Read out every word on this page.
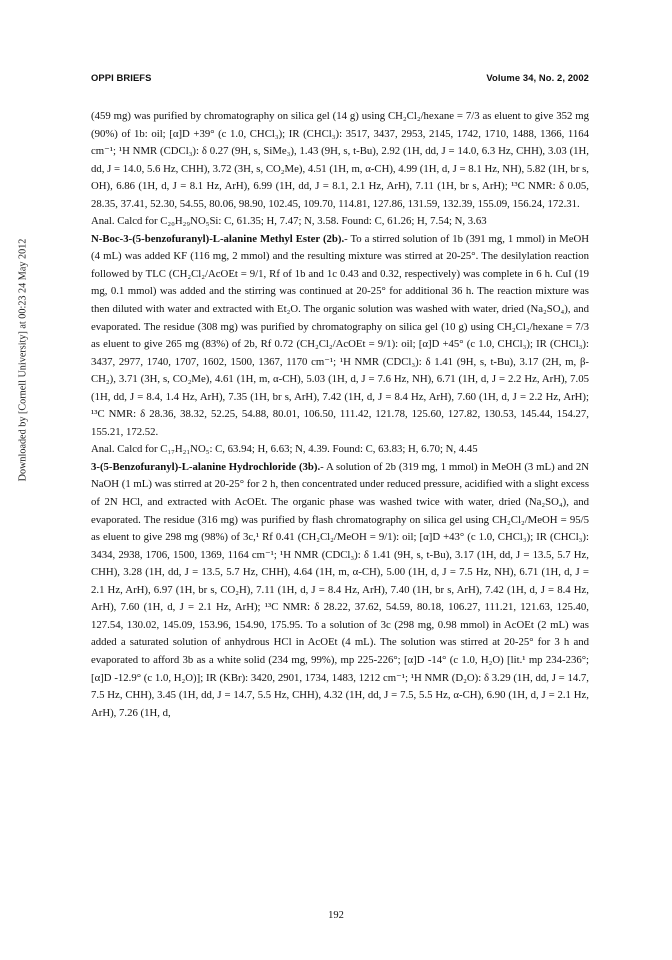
OPPI BRIEFS	Volume 34, No. 2, 2002
Downloaded by [Cornell University] at 00:23 24 May 2012

(459 mg) was purified by chromatography on silica gel (14 g) using CH₂Cl₂/hexane = 7/3 as eluent to give 352 mg (90%) of 1b: oil; [α]D +39° (c 1.0, CHCl₃); IR (CHCl₃): 3517, 3437, 2953, 2145, 1742, 1710, 1488, 1366, 1164 cm⁻¹; ¹H NMR (CDCl₃): δ 0.27 (9H, s, SiMe₃), 1.43 (9H, s, t-Bu), 2.92 (1H, dd, J = 14.0, 6.3 Hz, CHH), 3.03 (1H, dd, J = 14.0, 5.6 Hz, CHH), 3.72 (3H, s, CO₂Me), 4.51 (1H, m, α-CH), 4.99 (1H, d, J = 8.1 Hz, NH), 5.82 (1H, br s, OH), 6.86 (1H, d, J = 8.1 Hz, ArH), 6.99 (1H, dd, J = 8.1, 2.1 Hz, ArH), 7.11 (1H, br s, ArH); ¹³C NMR: δ 0.05, 28.35, 37.41, 52.30, 54.55, 80.06, 98.90, 102.45, 109.70, 114.81, 127.86, 131.59, 132.39, 155.09, 156.24, 172.31.

Anal. Calcd for C₂₀H₂₉NO₅Si: C, 61.35; H, 7.47; N, 3.58. Found: C, 61.26; H, 7.54; N, 3.63

N-Boc-3-(5-benzofuranyl)-L-alanine Methyl Ester (2b).- To a stirred solution of 1b (391 mg, 1 mmol) in MeOH (4 mL) was added KF (116 mg, 2 mmol) and the resulting mixture was stirred at 20-25°. The desilylation reaction followed by TLC (CH₂Cl₂/AcOEt = 9/1, Rf of 1b and 1c 0.43 and 0.32, respectively) was complete in 6 h. CuI (19 mg, 0.1 mmol) was added and the stirring was continued at 20-25° for additional 36 h. The reaction mixture was then diluted with water and extracted with Et₂O. The organic solution was washed with water, dried (Na₂SO₄), and evaporated. The residue (308 mg) was purified by chromatography on silica gel (10 g) using CH₂Cl₂/hexane = 7/3 as eluent to give 265 mg (83%) of 2b, Rf 0.72 (CH₂Cl₂/AcOEt = 9/1): oil; [α]D +45° (c 1.0, CHCl₃); IR (CHCl₃): 3437, 2977, 1740, 1707, 1602, 1500, 1367, 1170 cm⁻¹; ¹H NMR (CDCl₃): δ 1.41 (9H, s, t-Bu), 3.17 (2H, m, β-CH₂), 3.71 (3H, s, CO₂Me), 4.61 (1H, m, α-CH), 5.03 (1H, d, J = 7.6 Hz, NH), 6.71 (1H, d, J = 2.2 Hz, ArH), 7.05 (1H, dd, J = 8.4, 1.4 Hz, ArH), 7.35 (1H, br s, ArH), 7.42 (1H, d, J = 8.4 Hz, ArH), 7.60 (1H, d, J = 2.2 Hz, ArH); ¹³C NMR: δ 28.36, 38.32, 52.25, 54.88, 80.01, 106.50, 111.42, 121.78, 125.60, 127.82, 130.53, 145.44, 154.27, 155.21, 172.52.

Anal. Calcd for C₁₇H₂₁NO₅: C, 63.94; H, 6.63; N, 4.39. Found: C, 63.83; H, 6.70; N, 4.45

3-(5-Benzofuranyl)-L-alanine Hydrochloride (3b).- A solution of 2b (319 mg, 1 mmol) in MeOH (3 mL) and 2N NaOH (1 mL) was stirred at 20-25° for 2 h, then concentrated under reduced pressure, acidified with a slight excess of 2N HCl, and extracted with AcOEt. The organic phase was washed twice with water, dried (Na₂SO₄), and evaporated. The residue (316 mg) was purified by flash chromatography on silica gel using CH₂Cl₂/MeOH = 95/5 as eluent to give 298 mg (98%) of 3c,¹ Rf 0.41 (CH₂Cl₂/MeOH = 9/1): oil; [α]D +43° (c 1.0, CHCl₃); IR (CHCl₃): 3434, 2938, 1706, 1500, 1369, 1164 cm⁻¹; ¹H NMR (CDCl₃): δ 1.41 (9H, s, t-Bu), 3.17 (1H, dd, J = 13.5, 5.7 Hz, CHH), 3.28 (1H, dd, J = 13.5, 5.7 Hz, CHH), 4.64 (1H, m, α-CH), 5.00 (1H, d, J = 7.5 Hz, NH), 6.71 (1H, d, J = 2.1 Hz, ArH), 6.97 (1H, br s, CO₂H), 7.11 (1H, d, J = 8.4 Hz, ArH), 7.40 (1H, br s, ArH), 7.42 (1H, d, J = 8.4 Hz, ArH), 7.60 (1H, d, J = 2.1 Hz, ArH); ¹³C NMR: δ 28.22, 37.62, 54.59, 80.18, 106.27, 111.21, 121.63, 125.40, 127.54, 130.02, 145.09, 153.96, 154.90, 175.95. To a solution of 3c (298 mg, 0.98 mmol) in AcOEt (2 mL) was added a saturated solution of anhydrous HCl in AcOEt (4 mL). The solution was stirred at 20-25° for 3 h and evaporated to afford 3b as a white solid (234 mg, 99%), mp 225-226°; [α]D -14° (c 1.0, H₂O) [lit.¹ mp 234-236°; [α]D -12.9° (c 1.0, H₂O)]; IR (KBr): 3420, 2901, 1734, 1483, 1212 cm⁻¹; ¹H NMR (D₂O): δ 3.29 (1H, dd, J = 14.7, 7.5 Hz, CHH), 3.45 (1H, dd, J = 14.7, 5.5 Hz, CHH), 4.32 (1H, dd, J = 7.5, 5.5 Hz, α-CH), 6.90 (1H, d, J = 2.1 Hz, ArH), 7.26 (1H, d,

192
